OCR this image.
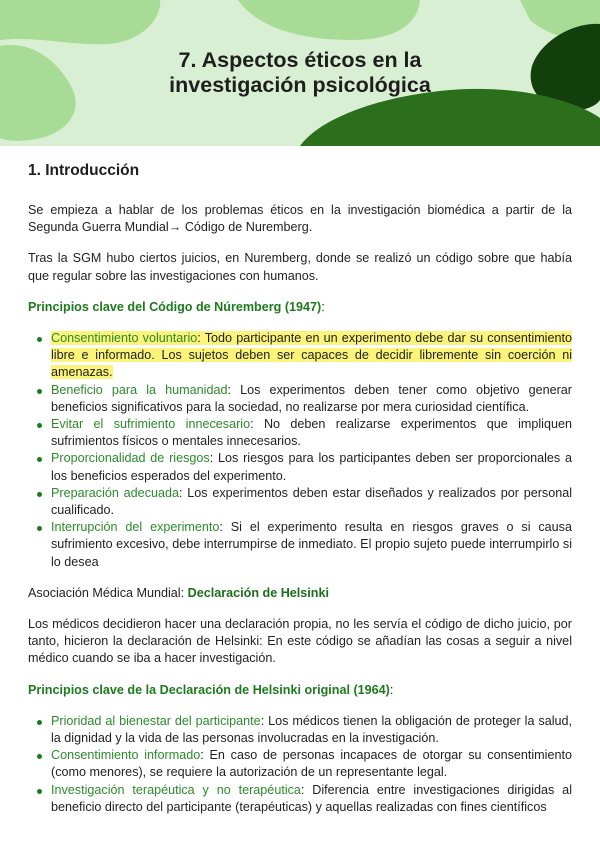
7. Aspectos éticos en la
investigación psicológica
1. Introducción

Se empieza a hablar de los problemas éticos en la investigación biomédica a partir de la Segunda Guerra Mundial→ Código de Nuremberg.

Tras la SGM hubo ciertos juicios, en Nuremberg, donde se realizó un código sobre que había que regular sobre las investigaciones con humanos.

Principios clave del Código de Núremberg (1947):

Consentimiento voluntario: Todo participante en un experimento debe dar su consentimiento libre e informado. Los sujetos deben ser capaces de decidir libremente sin coerción ni amenazas.
Beneficio para la humanidad: Los experimentos deben tener como objetivo generar beneficios significativos para la sociedad, no realizarse por mera curiosidad científica.
Evitar el sufrimiento innecesario: No deben realizarse experimentos que impliquen sufrimientos físicos o mentales innecesarios.
Proporcionalidad de riesgos: Los riesgos para los participantes deben ser proporcionales a los beneficios esperados del experimento.
Preparación adecuada: Los experimentos deben estar diseñados y realizados por personal cualificado.
Interrupción del experimento: Si el experimento resulta en riesgos graves o si causa sufrimiento excesivo, debe interrumpirse de inmediato. El propio sujeto puede interrumpirlo si lo desea

Asociación Médica Mundial: Declaración de Helsinki

Los médicos decidieron hacer una declaración propia, no les servía el código de dicho juicio, por tanto, hicieron la declaración de Helsinki: En este código se añadían las cosas a seguir a nivel médico cuando se iba a hacer investigación.

Principios clave de la Declaración de Helsinki original (1964):

Prioridad al bienestar del participante: Los médicos tienen la obligación de proteger la salud, la dignidad y la vida de las personas involucradas en la investigación.
Consentimiento informado: En caso de personas incapaces de otorgar su consentimiento (como menores), se requiere la autorización de un representante legal.
Investigación terapéutica y no terapéutica: Diferencia entre investigaciones dirigidas al beneficio directo del participante (terapéuticas) y aquellas realizadas con fines científicos
